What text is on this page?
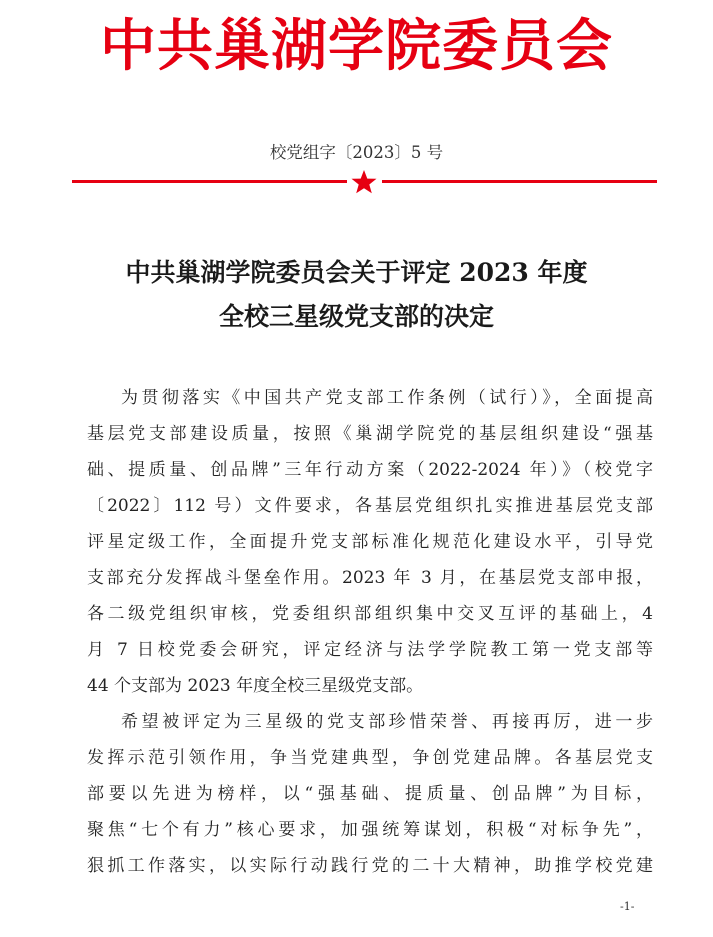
中共巢湖学院委员会
校党组字〔2023〕5 号
中共巢湖学院委员会关于评定 2023 年度
全校三星级党支部的决定
为贯彻落实《中国共产党支部工作条例（试行）》，全面提高
基层党支部建设质量，按照《巢湖学院党的基层组织建设“强基
础、提质量、创品牌”三年行动方案（2022-2024 年）》（校党字
〔2022〕112 号）文件要求，各基层党组织扎实推进基层党支部
评星定级工作，全面提升党支部标准化规范化建设水平，引导党
支部充分发挥战斗堡垒作用。2023 年 3 月，在基层党支部申报，
各二级党组织审核，党委组织部组织集中交叉互评的基础上，4
月 7 日校党委会研究，评定经济与法学学院教工第一党支部等
44 个支部为 2023 年度全校三星级党支部。
希望被评定为三星级的党支部珍惜荣誉、再接再厉，进一步
发挥示范引领作用，争当党建典型，争创党建品牌。各基层党支
部要以先进为榜样，以“强基础、提质量、创品牌”为目标，
聚焦“七个有力”核心要求，加强统筹谋划，积极“对标争先”，
狠抓工作落实，以实际行动践行党的二十大精神，助推学校党建
-1-
